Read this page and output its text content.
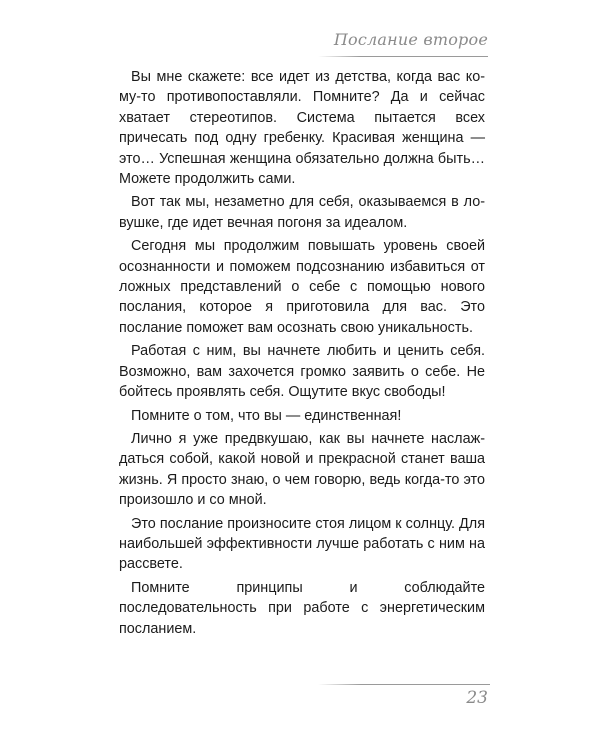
Послание второе

Вы мне скажете: все идет из детства, когда вас кому-то противопоставляли. Помните? Да и сейчас хватает стереотипов. Система пытается всех причесать под одну гребенку. Красивая женщина — это… Успешная женщина обязательно должна быть… Можете продолжить сами.

Вот так мы, незаметно для себя, оказываемся в ловушке, где идет вечная погоня за идеалом.

Сегодня мы продолжим повышать уровень своей осознанности и поможем подсознанию избавиться от ложных представлений о себе с помощью нового послания, которое я приготовила для вас. Это послание поможет вам осознать свою уникальность.

Работая с ним, вы начнете любить и ценить себя. Возможно, вам захочется громко заявить о себе. Не бойтесь проявлять себя. Ощутите вкус свободы!

Помните о том, что вы — единственная!

Лично я уже предвкушаю, как вы начнете наслаждаться собой, какой новой и прекрасной станет ваша жизнь. Я просто знаю, о чем говорю, ведь когда-то это произошло и со мной.

Это послание произносите стоя лицом к солнцу. Для наибольшей эффективности лучше работать с ним на рассвете.

Помните принципы и соблюдайте последовательность при работе с энергетическим посланием.

23
